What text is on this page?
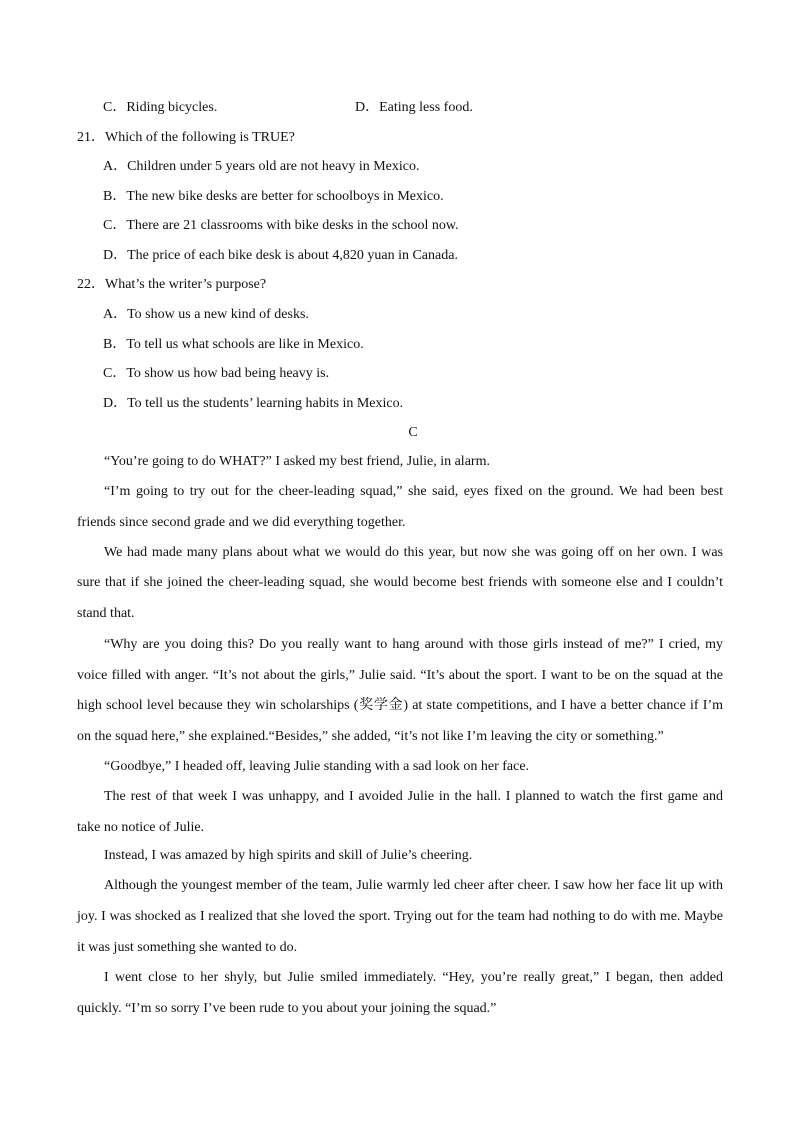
C．Riding bicycles.	D．Eating less food.
21．Which of the following is TRUE?
A．Children under 5 years old are not heavy in Mexico.
B．The new bike desks are better for schoolboys in Mexico.
C．There are 21 classrooms with bike desks in the school now.
D．The price of each bike desk is about 4,820 yuan in Canada.
22．What’s the writer’s purpose?
A．To show us a new kind of desks.
B．To tell us what schools are like in Mexico.
C．To show us how bad being heavy is.
D．To tell us the students’ learning habits in Mexico.
C
“You’re going to do WHAT?” I asked my best friend, Julie, in alarm.
“I’m going to try out for the cheer-leading squad,” she said, eyes fixed on the ground. We had been best
friends since second grade and we did everything together.
We had made many plans about what we would do this year, but now she was going off on her own. I was
sure that if she joined the cheer-leading squad, she would become best friends with someone else and I couldn’t
stand that.
“Why are you doing this? Do you really want to hang around with those girls instead of me?” I cried, my
voice filled with anger. “It’s not about the girls,” Julie said. “It’s about the sport. I want to be on the squad at the
high school level because they win scholarships (奖学金) at state competitions, and I have a better chance if I’m
on the squad here,” she explained.“Besides,” she added, “it’s not like I’m leaving the city or something.”
“Goodbye,” I headed off, leaving Julie standing with a sad look on her face.
The rest of that week I was unhappy, and I avoided Julie in the hall. I planned to watch the first game and
take no notice of Julie.
Instead, I was amazed by high spirits and skill of Julie’s cheering.
Although the youngest member of the team, Julie warmly led cheer after cheer. I saw how her face lit up with
joy. I was shocked as I realized that she loved the sport. Trying out for the team had nothing to do with me. Maybe
it was just something she wanted to do.
I went close to her shyly, but Julie smiled immediately. “Hey, you’re really great,” I began, then added
quickly. “I’m so sorry I’ve been rude to you about your joining the squad.”
